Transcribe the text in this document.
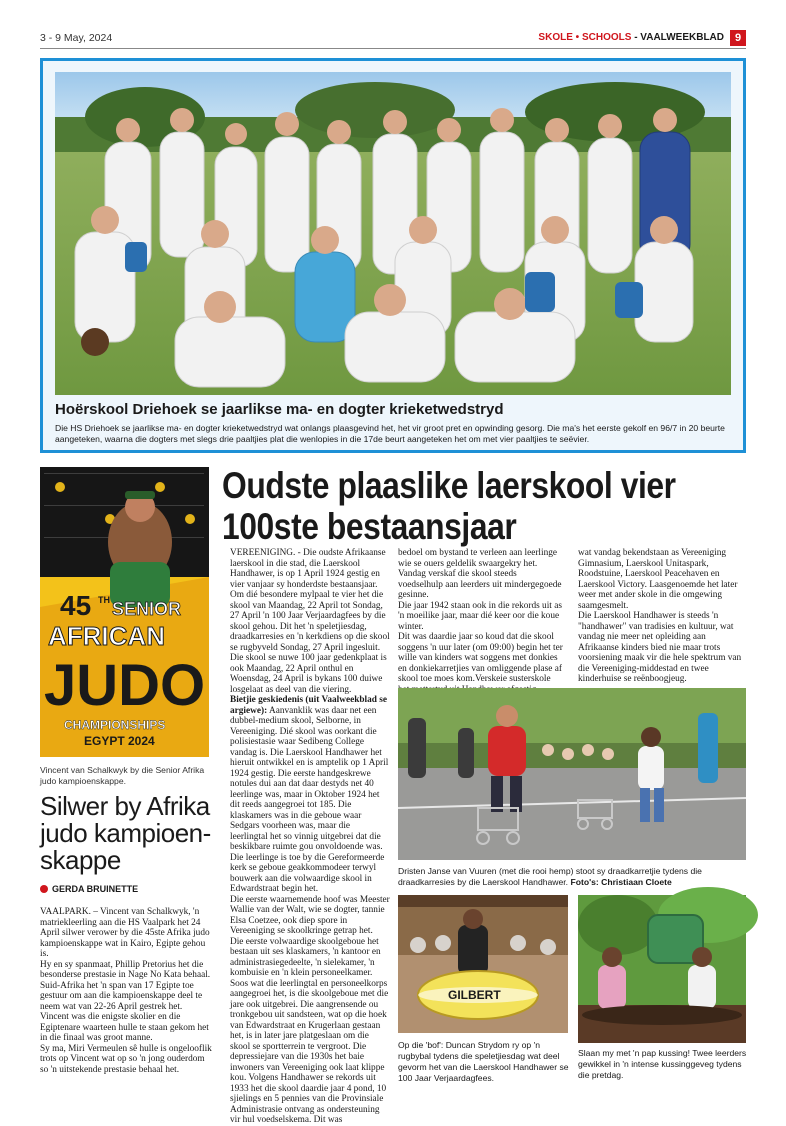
3 - 9 May, 2024	SKOLE • SCHOOLS - VAALWEEKBLAD 9
Hoërskool Driehoek se jaarlikse ma- en dogter krieketwedstryd
Die HS Driehoek se jaarlikse ma- en dogter krieketwedstryd wat onlangs plaasgevind het, het vir groot pret en opwinding gesorg. Die ma's het eerste gekolf en 96/7 in 20 beurte aangeteken, waarna die dogters met slegs drie paaltjies plat die wenlopies in die 17de beurt aangeteken het om met vier paaltjies te seëvier.
45 TH SENIOR
AFRICAN
JUDO
CHAMPIONSHIPS
EGYPT 2024
Vincent van Schalkwyk by die Senior Afrika judo kampioenskappe.
Silwer by Afrika
judo kampioen-
skappe
GERDA BRUINETTE

VAALPARK. – Vincent van Schalkwyk, 'n matriekleerling aan die HS Vaalpark het 24 April silwer verower by die 45ste Afrika judo kampioenskappe wat in Kairo, Egipte gehou is.

Hy en sy spanmaat, Phillip Pretorius het die besonderse prestasie in Nage No Kata behaal.

Suid-Afrika het 'n span van 17 Egipte toe gestuur om aan die kampioenskappe deel te neem wat van 22-26 April gestrek het.

Vincent was die enigste skolier en die Egiptenare waarteen hulle te staan gekom het in die finaal was groot manne.

Sy ma, Miri Vermeulen sê hulle is ongelooflik trots op Vincent wat op so 'n jong ouderdom so 'n uitstekende prestasie behaal het.

Oudste plaaslike laerskool vier
100ste bestaansjaar

VEREENIGING. - Die oudste Afrikaanse laerskool in die stad, die Laerskool Handhawer, is op 1 April 1924 gestig en vier vanjaar sy honderdste bestaansjaar.

Om dié besondere mylpaal te vier het die skool van Maandag, 22 April tot Sondag, 27 April 'n 100 Jaar Verjaardagfees by die skool gehou. Dit het 'n speletjiesdag, draadkarresies en 'n kerkdiens op die skool se rugbyveld Sondag, 27 April ingesluit.

Die skool se nuwe 100 jaar gedenkplaat is ook Maandag, 22 April onthul en Woensdag, 24 April is bykans 100 duiwe losgelaat as deel van die viering.

Bietjie geskiedenis (uit Vaalweekblad se argiewe): Aanvanklik was daar net een dubbel-medium skool, Selborne, in Vereeniging. Dié skool was oorkant die polisiestasie waar Sedibeng College vandag is. Die Laerskool Handhawer het hieruit ontwikkel en is amptelik op 1 April 1924 gestig. Die eerste handgeskrewe notules dui aan dat daar destyds net 40 leerlinge was, maar in Oktober 1924 het dit reeds aangegroei tot 185. Die klaskamers was in die geboue waar Sedgars voorheen was, maar die leerlingtal het so vinnig uitgebrei dat die beskikbare ruimte gou onvoldoende was. Die leerlinge is toe by die Gereformeerde kerk se geboue geakkommodeer terwyl bouwerk aan die volwaardige skool in Edwardstraat begin het.

Die eerste waarnemende hoof was Meester Wallie van der Walt, wie se dogter, tannie Elsa Coetzee, ook diep spore in Vereeniging se skoolkringe getrap het.

Die eerste volwaardige skoolgeboue het bestaan uit ses klaskamers, 'n kantoor en administrasiegedeelte, 'n sielekamer, 'n kombuisie en 'n klein personeelkamer. Soos wat die leerlingtal en personeelkorps aangegroei het, is die skoolgeboue met die jare ook uitgebrei. Die aangrensende ou tronkgebou uit sandsteen, wat op die hoek van Edwardstraat en Krugerlaan gestaan het, is in later jare platgeslaan om die skool se sportterrein te vergroot. Die depressiejare van die 1930s het baie inwoners van Vereeniging ook laat klippe kou. Volgens Handhawer se rekords uit 1933 het die skool daardie jaar 4 pond, 10 sjielings en 5 pennies van die Provinsiale Administrasie ontvang as ondersteuning vir hul voedselskema. Dit was

bedoel om bystand te verleen aan leerlinge wie se ouers geldelik swaargekry het. Vandag verskaf die skool steeds voedselhulp aan leerders uit mindergegoede gesinne.

Die jaar 1942 staan ook in die rekords uit as 'n moeilike jaar, maar dié keer oor die koue winter.

Dit was daardie jaar so koud dat die skool soggens 'n uur later (om 09:00) begin het ter wille van kinders wat soggens met donkies en donkiekarretjies van omliggende plase af skool toe moes kom.Verskeie susterskole

wat vandag bekendstaan as Vereeniging Gimnasium, Laerskool Unitaspark, Roodstuine, Laerskool Peacehaven en Laerskool Victory. Laasgenoemde het later weer met ander skole in die omgewing saamgesmelt.

Die Laerskool Handhawer is steeds 'n "handhawer" van tradisies en kultuur, wat vandag nie meer net opleiding aan Afrikaanse kinders bied nie maar trots voorsiening maak vir die hele spektrum van die Vereeniging-middestad en twee kinderhuise se reënboogjeug.

Dristen Janse van Vuuren (met die rooi hemp) stoot sy draadkarretjie tydens die draadkarresies by die Laerskool Handhawer. Foto's: Christiaan Cloete
GILBERT
Op die 'bof': Duncan Strydom ry op 'n rugbybal tydens die speletjiesdag wat deel gevorm het van die Laerskool Handhawer se 100 Jaar Verjaardagfees.
Slaan my met 'n pap kussing! Twee leerders gewikkel in 'n intense kussinggeveg tydens die pretdag.
